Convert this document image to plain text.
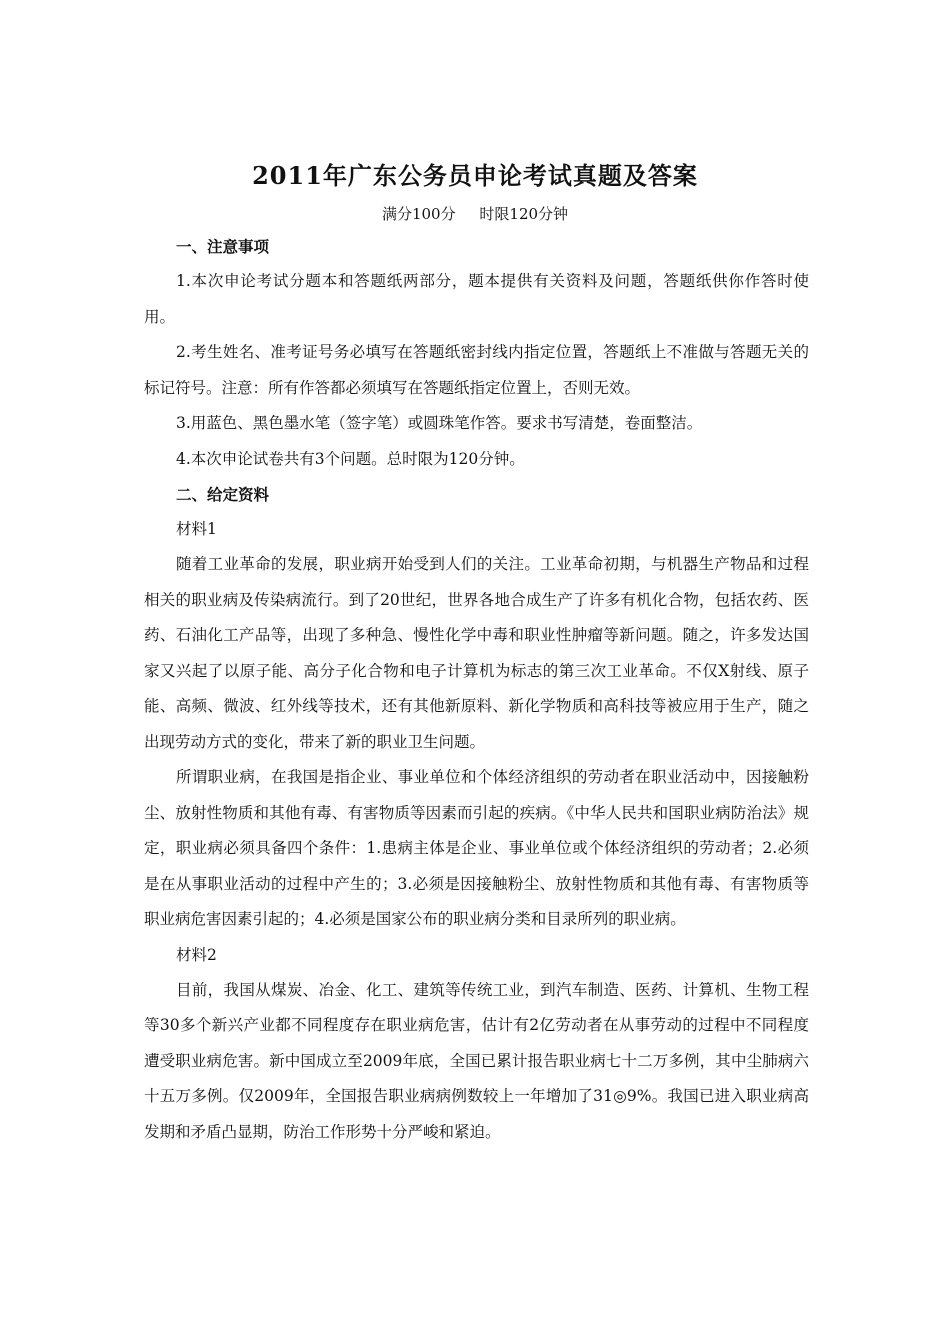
2011年广东公务员申论考试真题及答案
满分100分     时限120分钟
一、注意事项
1.本次申论考试分题本和答题纸两部分，题本提供有关资料及问题，答题纸供你作答时使用。
2.考生姓名、准考证号务必填写在答题纸密封线内指定位置，答题纸上不准做与答题无关的标记符号。注意：所有作答都必须填写在答题纸指定位置上，否则无效。
3.用蓝色、黑色墨水笔（签字笔）或圆珠笔作答。要求书写清楚，卷面整洁。
4.本次申论试卷共有3个问题。总时限为120分钟。
二、给定资料
材料1
随着工业革命的发展，职业病开始受到人们的关注。工业革命初期，与机器生产物品和过程相关的职业病及传染病流行。到了20世纪，世界各地合成生产了许多有机化合物，包括农药、医药、石油化工产品等，出现了多种急、慢性化学中毒和职业性肿瘤等新问题。随之，许多发达国家又兴起了以原子能、高分子化合物和电子计算机为标志的第三次工业革命。不仅X射线、原子能、高频、微波、红外线等技术，还有其他新原料、新化学物质和高科技等被应用于生产，随之出现劳动方式的变化，带来了新的职业卫生问题。
所谓职业病，在我国是指企业、事业单位和个体经济组织的劳动者在职业活动中，因接触粉尘、放射性物质和其他有毒、有害物质等因素而引起的疾病。《中华人民共和国职业病防治法》规定，职业病必须具备四个条件：1.患病主体是企业、事业单位或个体经济组织的劳动者；2.必须是在从事职业活动的过程中产生的；3.必须是因接触粉尘、放射性物质和其他有毒、有害物质等职业病危害因素引起的；4.必须是国家公布的职业病分类和目录所列的职业病。
材料2
目前，我国从煤炭、冶金、化工、建筑等传统工业，到汽车制造、医药、计算机、生物工程等30多个新兴产业都不同程度存在职业病危害，估计有2亿劳动者在从事劳动的过程中不同程度遭受职业病危害。新中国成立至2009年底，全国已累计报告职业病七十二万多例，其中尘肺病六十五万多例。仅2009年，全国报告职业病病例数较上一年增加了31◎9%。我国已进入职业病高发期和矛盾凸显期，防治工作形势十分严峻和紧迫。
